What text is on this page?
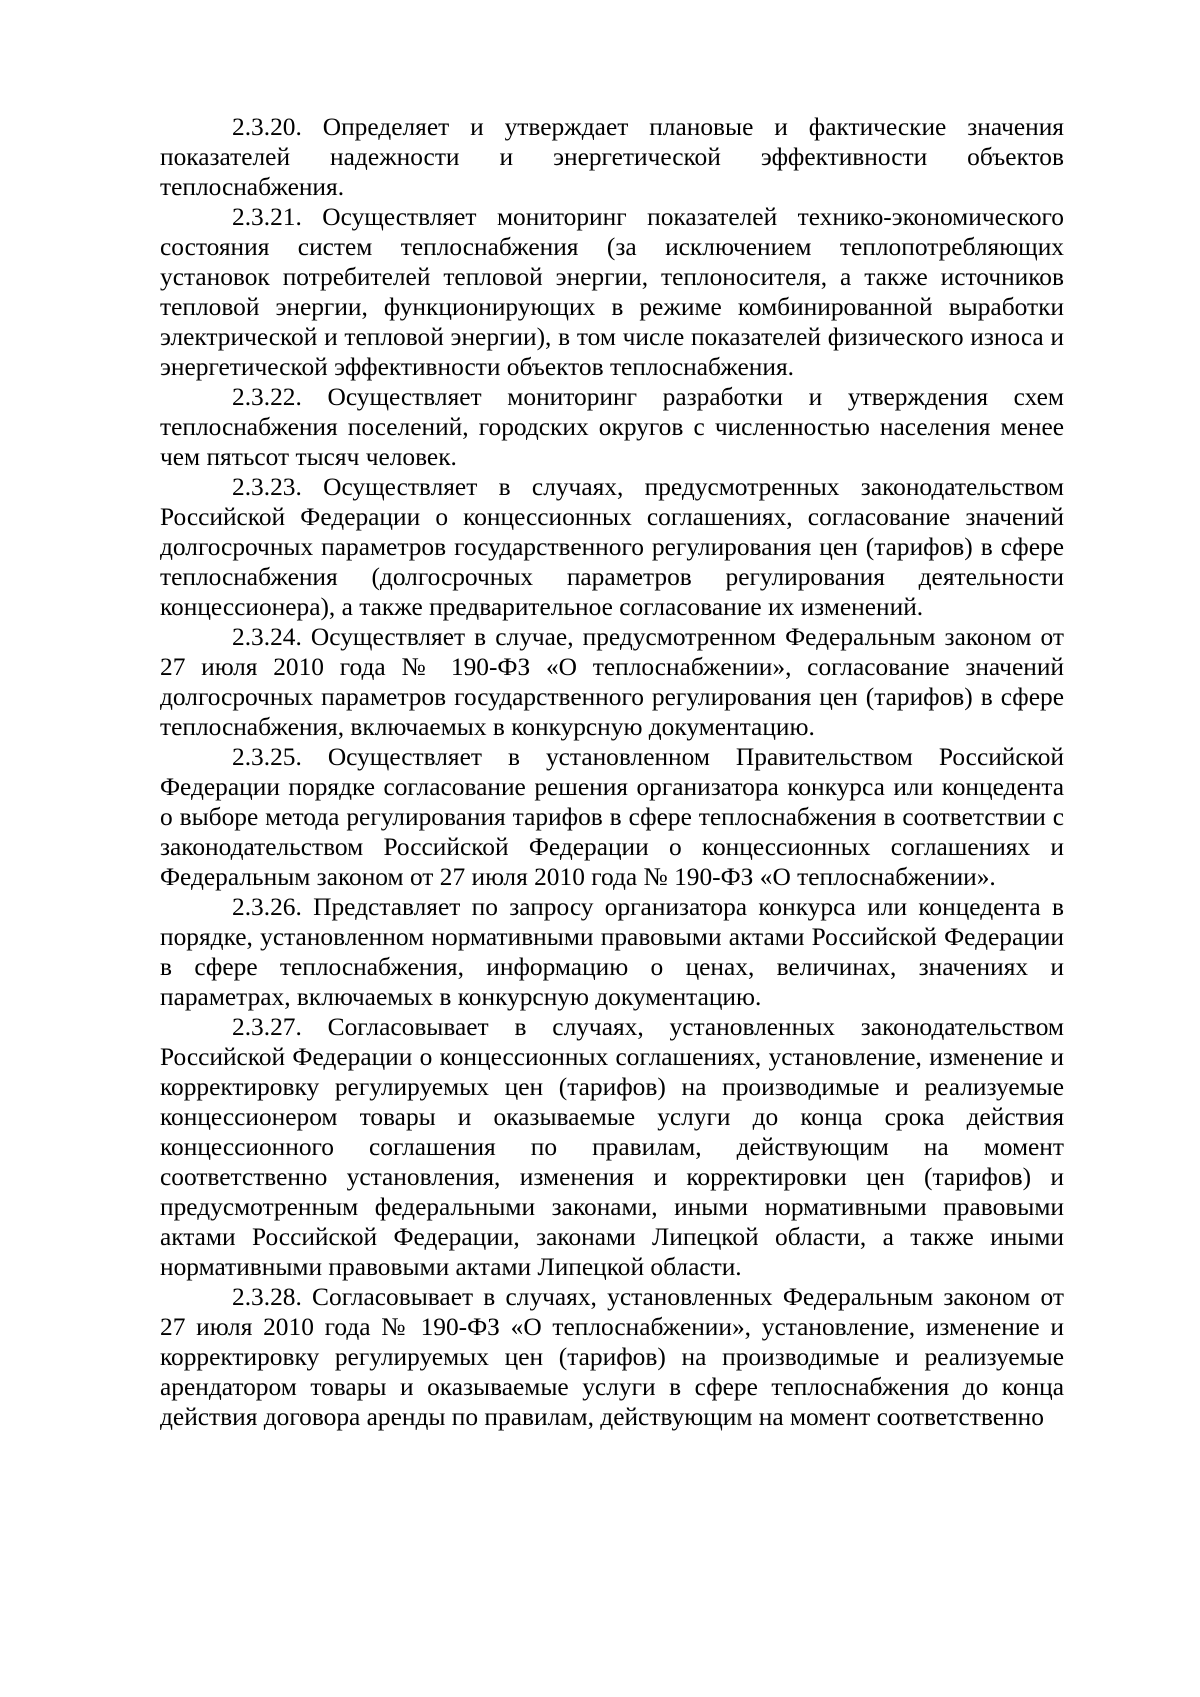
2.3.20. Определяет и утверждает плановые и фактические значения показателей надежности и энергетической эффективности объектов теплоснабжения.

2.3.21. Осуществляет мониторинг показателей технико-экономического состояния систем теплоснабжения (за исключением теплопотребляющих установок потребителей тепловой энергии, теплоносителя, а также источников тепловой энергии, функционирующих в режиме комбинированной выработки электрической и тепловой энергии), в том числе показателей физического износа и энергетической эффективности объектов теплоснабжения.

2.3.22. Осуществляет мониторинг разработки и утверждения схем теплоснабжения поселений, городских округов с численностью населения менее чем пятьсот тысяч человек.

2.3.23. Осуществляет в случаях, предусмотренных законодательством Российской Федерации о концессионных соглашениях, согласование значений долгосрочных параметров государственного регулирования цен (тарифов) в сфере теплоснабжения (долгосрочных параметров регулирования деятельности концессионера), а также предварительное согласование их изменений.

2.3.24. Осуществляет в случае, предусмотренном Федеральным законом от 27 июля 2010 года № 190-ФЗ «О теплоснабжении», согласование значений долгосрочных параметров государственного регулирования цен (тарифов) в сфере теплоснабжения, включаемых в конкурсную документацию.

2.3.25. Осуществляет в установленном Правительством Российской Федерации порядке согласование решения организатора конкурса или концедента о выборе метода регулирования тарифов в сфере теплоснабжения в соответствии с законодательством Российской Федерации о концессионных соглашениях и Федеральным законом от 27 июля 2010 года № 190-ФЗ «О теплоснабжении».

2.3.26. Представляет по запросу организатора конкурса или концедента в порядке, установленном нормативными правовыми актами Российской Федерации в сфере теплоснабжения, информацию о ценах, величинах, значениях и параметрах, включаемых в конкурсную документацию.

2.3.27. Согласовывает в случаях, установленных законодательством Российской Федерации о концессионных соглашениях, установление, изменение и корректировку регулируемых цен (тарифов) на производимые и реализуемые концессионером товары и оказываемые услуги до конца срока действия концессионного соглашения по правилам, действующим на момент соответственно установления, изменения и корректировки цен (тарифов) и предусмотренным федеральными законами, иными нормативными правовыми актами Российской Федерации, законами Липецкой области, а также иными нормативными правовыми актами Липецкой области.

2.3.28. Согласовывает в случаях, установленных Федеральным законом от 27 июля 2010 года № 190-ФЗ «О теплоснабжении», установление, изменение и корректировку регулируемых цен (тарифов) на производимые и реализуемые арендатором товары и оказываемые услуги в сфере теплоснабжения до конца действия договора аренды по правилам, действующим на момент соответственно
